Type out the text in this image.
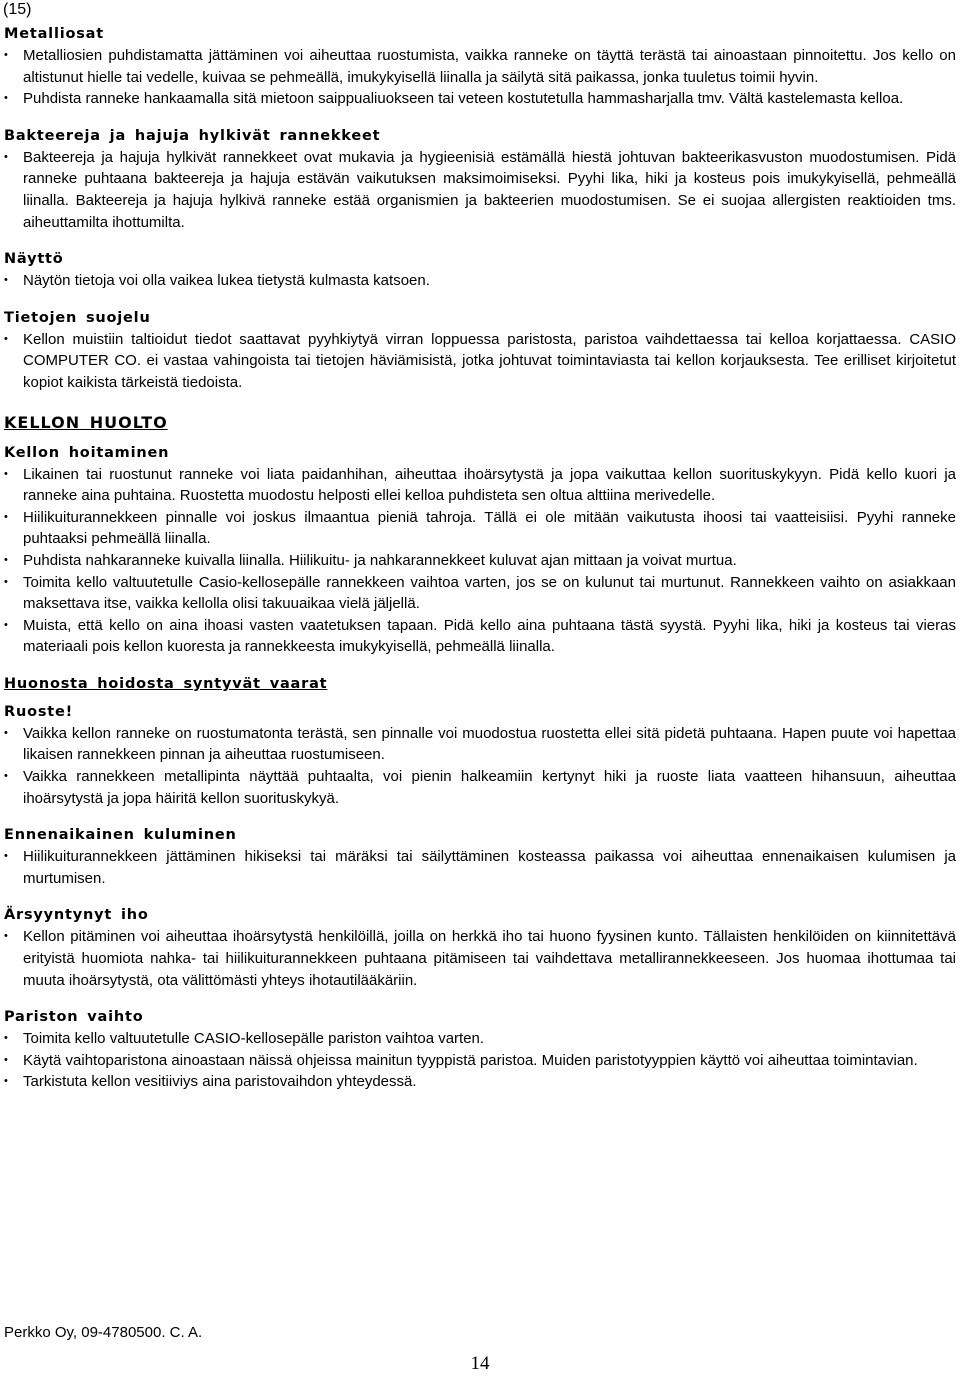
(15)
Metalliosat
• Metalliosien puhdistamatta jättäminen voi aiheuttaa ruostumista, vaikka ranneke on täyttä terästä tai ainoastaan pinnoitettu. Jos kello on altistunut hielle tai vedelle, kuivaa se pehmeällä, imukykyisellä liinalla ja säilytä sitä paikassa, jonka tuuletus toimii hyvin.
• Puhdista ranneke hankaamalla sitä mietoon saippualiuokseen tai veteen kostutetulla hammasharjalla tmv. Vältä kastelemasta kelloa.
Bakteereja ja hajuja hylkivät rannekkeet
• Bakteereja ja hajuja hylkivät rannekkeet ovat mukavia ja hygieenisiä estämällä hiestä johtuvan bakteerikasvuston muodostumisen. Pidä ranneke puhtaana bakteereja ja hajuja estävän vaikutuksen maksimoimiseksi. Pyyhi lika, hiki ja kosteus pois imukykyisellä, pehmeällä liinalla. Bakteereja ja hajuja hylkivä ranneke estää organismien ja bakteerien muodostumisen. Se ei suojaa allergisten reaktioiden tms. aiheuttamilta ihottumilta.
Näyttö
• Näytön tietoja voi olla vaikea lukea tietystä kulmasta katsoen.
Tietojen suojelu
• Kellon muistiin taltioidut tiedot saattavat pyyhkiytyä virran loppuessa paristosta, paristoa vaihdettaessa tai kelloa korjattaessa. CASIO COMPUTER CO. ei vastaa vahingoista tai tietojen häviämisistä, jotka johtuvat toimintaviasta tai kellon korjauksesta. Tee erilliset kirjoitetut kopiot kaikista tärkeistä tiedoista.
KELLON HUOLTO
Kellon hoitaminen
• Likainen tai ruostunut ranneke voi liata paidanhihan, aiheuttaa ihoärsytystä ja jopa vaikuttaa kellon suorituskykyyn. Pidä kello kuori ja ranneke aina puhtaina. Ruostetta muodostu helposti ellei kelloa puhdisteta sen oltua alttiina merivedelle.
• Hiilikuiturannekkeen pinnalle voi joskus ilmaantua pieniä tahroja. Tällä ei ole mitään vaikutusta ihoosi tai vaatteisiisi. Pyyhi ranneke puhtaaksi pehmeällä liinalla.
• Puhdista nahkaranneke kuivalla liinalla. Hiilikuitu- ja nahkarannekkeet kuluvat ajan mittaan ja voivat murtua.
• Toimita kello valtuutetulle Casio-kellosepälle rannekkeen vaihtoa varten, jos se on kulunut tai murtunut. Rannekkeen vaihto on asiakkaan maksettava itse, vaikka kellolla olisi takuuaikaa vielä jäljellä.
• Muista, että kello on aina ihoasi vasten vaatetuksen tapaan. Pidä kello aina puhtaana tästä syystä. Pyyhi lika, hiki ja kosteus tai vieras materiaali pois kellon kuoresta ja rannekkeesta imukykyisellä, pehmeällä liinalla.
Huonosta hoidosta syntyvät vaarat
Ruoste!
• Vaikka kellon ranneke on ruostumatonta terästä, sen pinnalle voi muodostua ruostetta ellei sitä pidetä puhtaana. Hapen puute voi hapettaa likaisen rannekkeen pinnan ja aiheuttaa ruostumiseen.
• Vaikka rannekkeen metallipinta näyttää puhtaalta, voi pienin halkeamiin kertynyt hiki ja ruoste liata vaatteen hihansuun, aiheuttaa ihoärsytystä ja jopa häiritä kellon suorituskykyä.
Ennenaikainen kuluminen
• Hiilikuiturannekkeen jättäminen hikiseksi tai märäksi tai säilyttäminen kosteassa paikassa voi aiheuttaa ennenaikaisen kulumisen ja murtumisen.
Ärsyyntynyt iho
• Kellon pitäminen voi aiheuttaa ihoärsytystä henkilöillä, joilla on herkkä iho tai huono fyysinen kunto. Tällaisten henkilöiden on kiinnitettävä erityistä huomiota nahka- tai hiilikuiturannekkeen puhtaana pitämiseen tai vaihdettava metallirannekkeeseen. Jos huomaa ihottumaa tai muuta ihoärsytystä, ota välittömästi yhteys ihotautilääkäriin.
Pariston vaihto
• Toimita kello valtuutetulle CASIO-kellosepälle pariston vaihtoa varten.
• Käytä vaihtoparistona ainoastaan näissä ohjeissa mainitun tyyppistä paristoa. Muiden paristotyyppien käyttö voi aiheuttaa toimintavian.
• Tarkistuta kellon vesitiiviys aina paristovaihdon yhteydessä.
Perkko Oy, 09-4780500. C. A.
14
